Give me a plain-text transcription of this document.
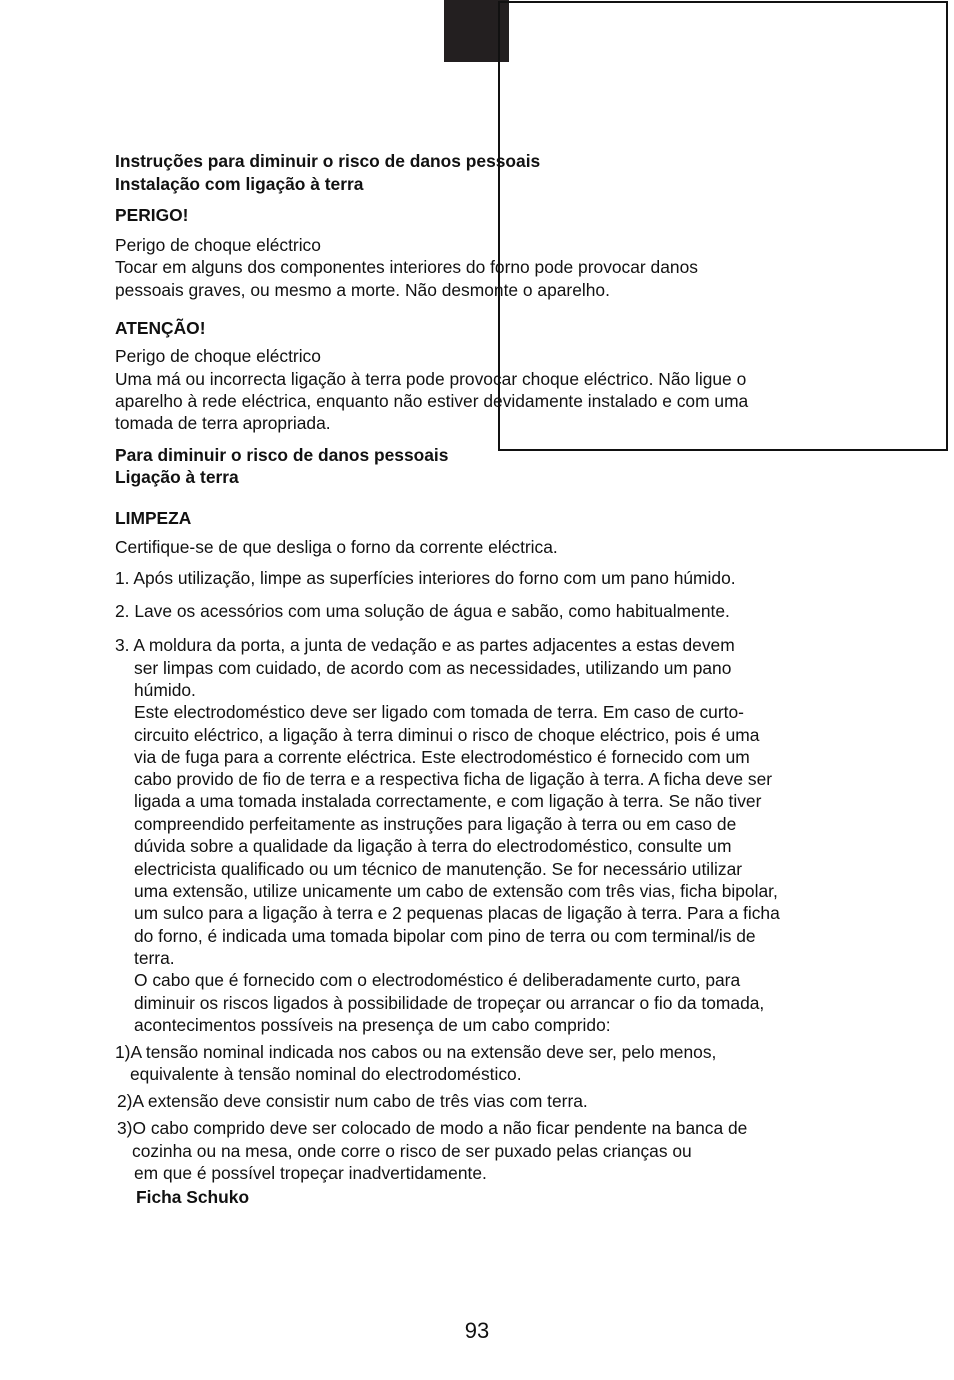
Instruções para diminuir o risco de danos pessoais

Instalação com ligação à terra

PERIGO!

Perigo de choque eléctrico

Tocar em alguns dos componentes interiores do forno pode provocar danos

pessoais graves, ou mesmo a morte. Não desmonte o aparelho.

ATENÇÃO!

Perigo de choque eléctrico

Uma má ou incorrecta ligação à terra pode provocar choque eléctrico. Não ligue o

aparelho à rede eléctrica, enquanto não estiver devidamente instalado e com uma

tomada de terra apropriada.

Para diminuir o risco de danos pessoais

Ligação à terra

LIMPEZA

Certifique-se de que desliga o forno da corrente eléctrica.

1. Após utilização, limpe as superfícies interiores do forno com um pano húmido.

2. Lave os acessórios com uma solução de água e sabão, como habitualmente.

3. A moldura da porta, a junta de vedação e as partes adjacentes a estas devem

ser limpas com cuidado, de acordo com as necessidades, utilizando um pano

húmido.

Este electrodoméstico deve ser ligado com tomada de terra. Em caso de curto-

circuito eléctrico, a ligação à terra diminui o risco de choque eléctrico, pois é uma

via de fuga para a corrente eléctrica. Este electrodoméstico é fornecido com um

cabo provido de fio de terra e a respectiva ficha de ligação à terra. A ficha deve ser

ligada a uma tomada instalada correctamente, e com ligação à terra. Se não tiver

compreendido perfeitamente as instruções para ligação à terra ou em caso de

dúvida sobre a qualidade da ligação à terra do electrodoméstico, consulte um

electricista qualificado ou um técnico de manutenção. Se for necessário utilizar

uma extensão, utilize unicamente um cabo de extensão com três vias, ficha bipolar,

um sulco para a ligação à terra e 2 pequenas placas de ligação à terra. Para a ficha

do forno, é indicada uma tomada bipolar com pino de terra ou com terminal/is de

terra.

O cabo que é fornecido com o electrodoméstico é deliberadamente curto, para

diminuir os riscos ligados à possibilidade de tropeçar ou arrancar o fio da tomada,

acontecimentos possíveis na presença de um cabo comprido:

1)A tensão nominal indicada nos cabos ou na extensão deve ser, pelo menos,

equivalente à tensão nominal do electrodoméstico.

2)A extensão deve consistir num cabo de três vias com terra.

3)O cabo comprido deve ser colocado de modo a não ficar pendente na banca de

cozinha ou na mesa, onde corre o risco de ser puxado pelas crianças ou

em que é possível tropeçar inadvertidamente.

Ficha Schuko

93
